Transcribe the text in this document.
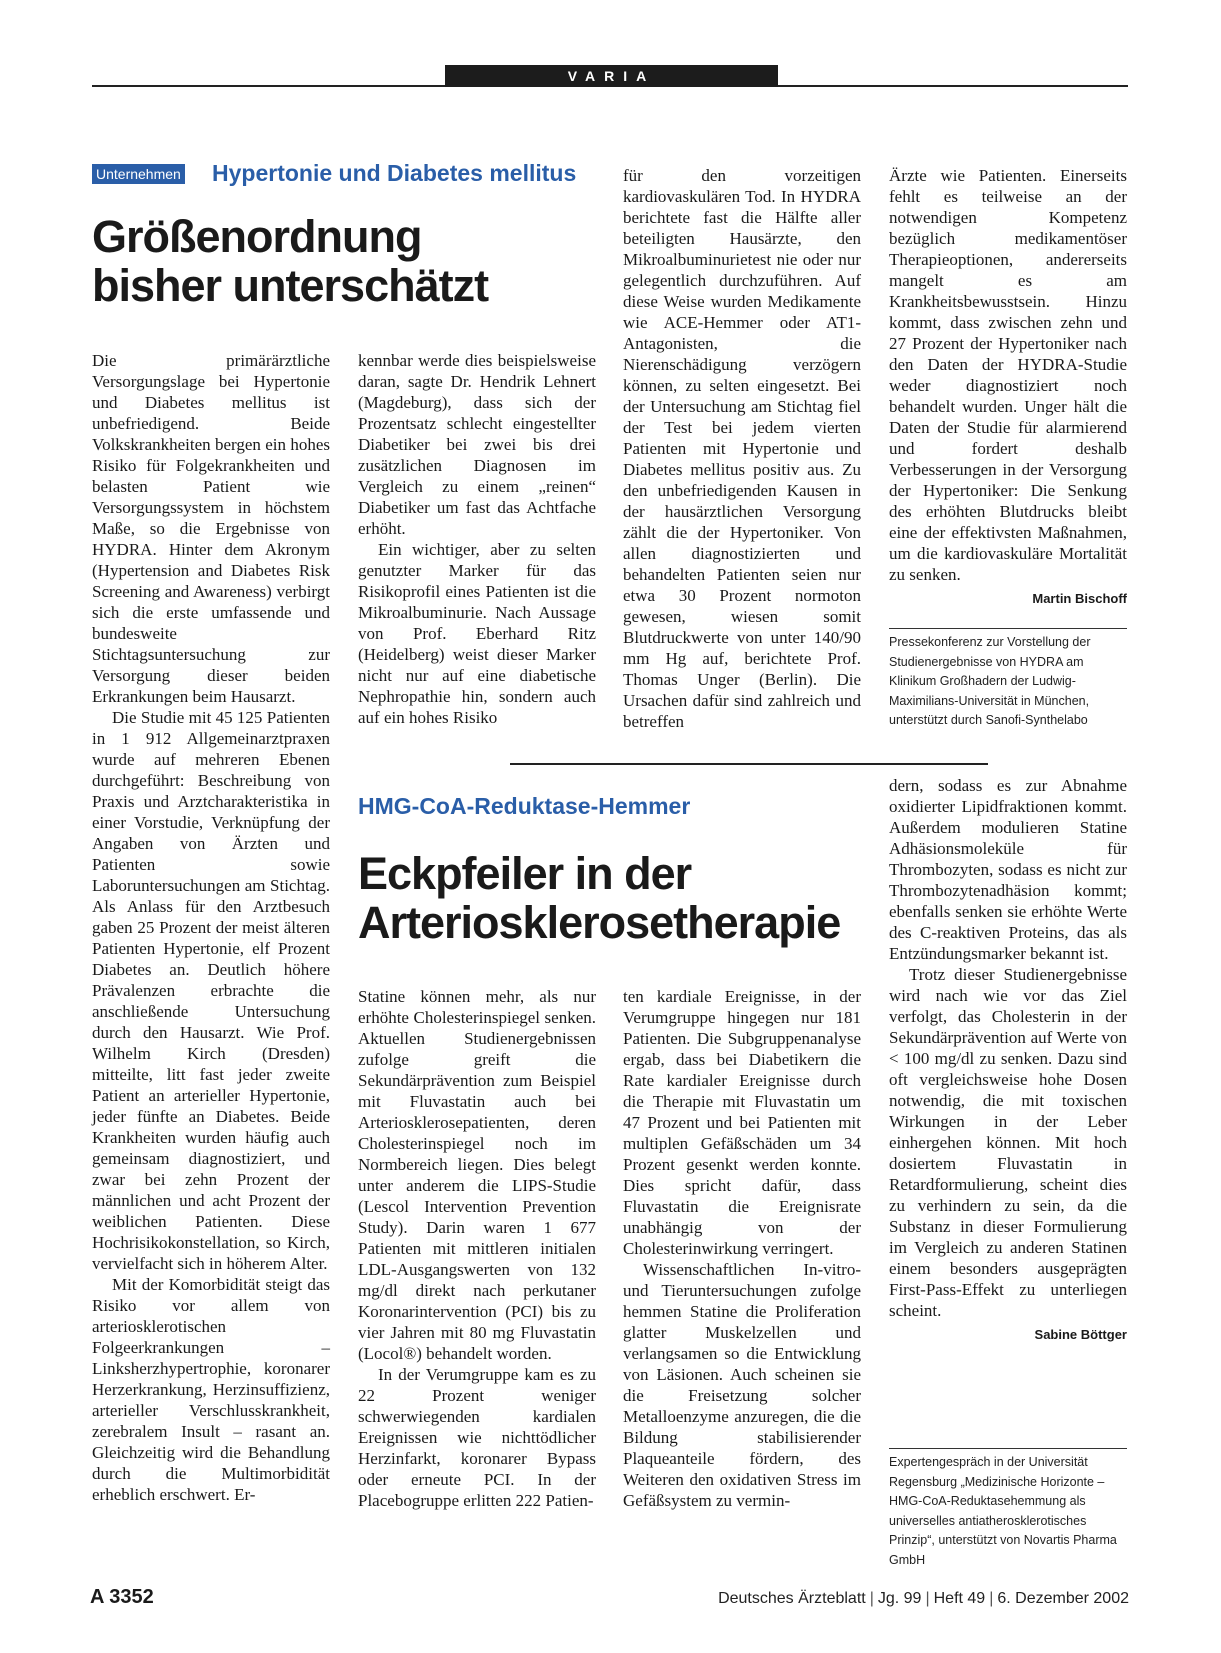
VARIA
Unternehmen Hypertonie und Diabetes mellitus
Größenordnung
bisher unterschätzt

Die primärärztliche Versorgungslage bei Hypertonie und Diabetes mellitus ist unbefriedigend. Beide Volkskrankheiten bergen ein hohes Risiko für Folgekrankheiten und belasten Patient wie Versorgungssystem in höchstem Maße, so die Ergebnisse von HYDRA. Hinter dem Akronym (Hypertension and Diabetes Risk Screening and Awareness) verbirgt sich die erste umfassende und bundesweite Stichtagsuntersuchung zur Versorgung dieser beiden Erkrankungen beim Hausarzt.

Die Studie mit 45 125 Patienten in 1 912 Allgemeinarztpraxen wurde auf mehreren Ebenen durchgeführt: Beschreibung von Praxis und Arztcharakteristika in einer Vorstudie, Verknüpfung der Angaben von Ärzten und Patienten sowie Laboruntersuchungen am Stichtag. Als Anlass für den Arztbesuch gaben 25 Prozent der meist älteren Patienten Hypertonie, elf Prozent Diabetes an. Deutlich höhere Prävalenzen erbrachte die anschließende Untersuchung durch den Hausarzt. Wie Prof. Wilhelm Kirch (Dresden) mitteilte, litt fast jeder zweite Patient an arterieller Hypertonie, jeder fünfte an Diabetes. Beide Krankheiten wurden häufig auch gemeinsam diagnostiziert, und zwar bei zehn Prozent der männlichen und acht Prozent der weiblichen Patienten. Diese Hochrisikokonstellation, so Kirch, vervielfacht sich in höherem Alter.

Mit der Komorbidität steigt das Risiko vor allem von arteriosklerotischen Folgeerkrankungen – Linksherzhypertrophie, koronarer Herzerkrankung, Herzinsuffizienz, arterieller Verschlusskrankheit, zerebralem Insult – rasant an. Gleichzeitig wird die Behandlung durch die Multimorbidität erheblich erschwert. Er-

kennbar werde dies beispielsweise daran, sagte Dr. Hendrik Lehnert (Magdeburg), dass sich der Prozentsatz schlecht eingestellter Diabetiker bei zwei bis drei zusätzlichen Diagnosen im Vergleich zu einem „reinen“ Diabetiker um fast das Achtfache erhöht.

Ein wichtiger, aber zu selten genutzter Marker für das Risikoprofil eines Patienten ist die Mikroalbuminurie. Nach Aussage von Prof. Eberhard Ritz (Heidelberg) weist dieser Marker nicht nur auf eine diabetische Nephropathie hin, sondern auch auf ein hohes Risiko

für den vorzeitigen kardiovaskulären Tod. In HYDRA berichtete fast die Hälfte aller beteiligten Hausärzte, den Mikroalbuminurietest nie oder nur gelegentlich durchzuführen. Auf diese Weise wurden Medikamente wie ACE-Hemmer oder AT1-Antagonisten, die Nierenschädigung verzögern können, zu selten eingesetzt. Bei der Untersuchung am Stichtag fiel der Test bei jedem vierten Patienten mit Hypertonie und Diabetes mellitus positiv aus. Zu den unbefriedigenden Kausen in der hausärztlichen Versorgung zählt die der Hypertoniker. Von allen diagnostizierten und behandelten Patienten seien nur etwa 30 Prozent normoton gewesen, wiesen somit Blutdruckwerte von unter 140/90 mm Hg auf, berichtete Prof. Thomas Unger (Berlin). Die Ursachen dafür sind zahlreich und betreffen

Ärzte wie Patienten. Einerseits fehlt es teilweise an der notwendigen Kompetenz bezüglich medikamentöser Therapieoptionen, andererseits mangelt es am Krankheitsbewusstsein. Hinzu kommt, dass zwischen zehn und 27 Prozent der Hypertoniker nach den Daten der HYDRA-Studie weder diagnostiziert noch behandelt wurden. Unger hält die Daten der Studie für alarmierend und fordert deshalb Verbesserungen in der Versorgung der Hypertoniker: Die Senkung des erhöhten Blutdrucks bleibt eine der effektivsten Maßnahmen, um die kardiovaskuläre Mortalität zu senken.

Martin Bischoff
Pressekonferenz zur Vorstellung der Studienergebnisse von HYDRA am Klinikum Großhadern der Ludwig-Maximilians-Universität in München, unterstützt durch Sanofi-Synthelabo
HMG-CoA-Reduktase-Hemmer
Eckpfeiler in der
Arteriosklerosetherapie

Statine können mehr, als nur erhöhte Cholesterinspiegel senken. Aktuellen Studienergebnissen zufolge greift die Sekundärprävention zum Beispiel mit Fluvastatin auch bei Arteriosklerosepatienten, deren Cholesterinspiegel noch im Normbereich liegen. Dies belegt unter anderem die LIPS-Studie (Lescol Intervention Prevention Study). Darin waren 1 677 Patienten mit mittleren initialen LDL-Ausgangswerten von 132 mg/dl direkt nach perkutaner Koronarintervention (PCI) bis zu vier Jahren mit 80 mg Fluvastatin (Locol®) behandelt worden.

In der Verumgruppe kam es zu 22 Prozent weniger schwerwiegenden kardialen Ereignissen wie nichttödlicher Herzinfarkt, koronarer Bypass oder erneute PCI. In der Placebogruppe erlitten 222 Patien-

ten kardiale Ereignisse, in der Verumgruppe hingegen nur 181 Patienten. Die Subgruppenanalyse ergab, dass bei Diabetikern die Rate kardialer Ereignisse durch die Therapie mit Fluvastatin um 47 Prozent und bei Patienten mit multiplen Gefäßschäden um 34 Prozent gesenkt werden konnte. Dies spricht dafür, dass Fluvastatin die Ereignisrate unabhängig von der Cholesterinwirkung verringert.

Wissenschaftlichen In-vitro- und Tieruntersuchungen zufolge hemmen Statine die Proliferation glatter Muskelzellen und verlangsamen so die Entwicklung von Läsionen. Auch scheinen sie die Freisetzung solcher Metalloenzyme anzuregen, die die Bildung stabilisierender Plaqueanteile fördern, des Weiteren den oxidativen Stress im Gefäßsystem zu vermin-

dern, sodass es zur Abnahme oxidierter Lipidfraktionen kommt. Außerdem modulieren Statine Adhäsionsmoleküle für Thrombozyten, sodass es nicht zur Thrombozytenadhäsion kommt; ebenfalls senken sie erhöhte Werte des C-reaktiven Proteins, das als Entzündungsmarker bekannt ist.

Trotz dieser Studienergebnisse wird nach wie vor das Ziel verfolgt, das Cholesterin in der Sekundärprävention auf Werte von < 100 mg/dl zu senken. Dazu sind oft vergleichsweise hohe Dosen notwendig, die mit toxischen Wirkungen in der Leber einhergehen können. Mit hoch dosiertem Fluvastatin in Retardformulierung, scheint dies zu verhindern zu sein, da die Substanz in dieser Formulierung im Vergleich zu anderen Statinen einem besonders ausgeprägten First-Pass-Effekt zu unterliegen scheint.

Sabine Böttger
Expertengespräch in der Universität Regensburg „Medizinische Horizonte – HMG-CoA-Reduktasehemmung als universelles antiatherosklerotisches Prinzip“, unterstützt von Novartis Pharma GmbH
A 3352	Deutsches Ärzteblatt | Jg. 99 | Heft 49 | 6. Dezember 2002
